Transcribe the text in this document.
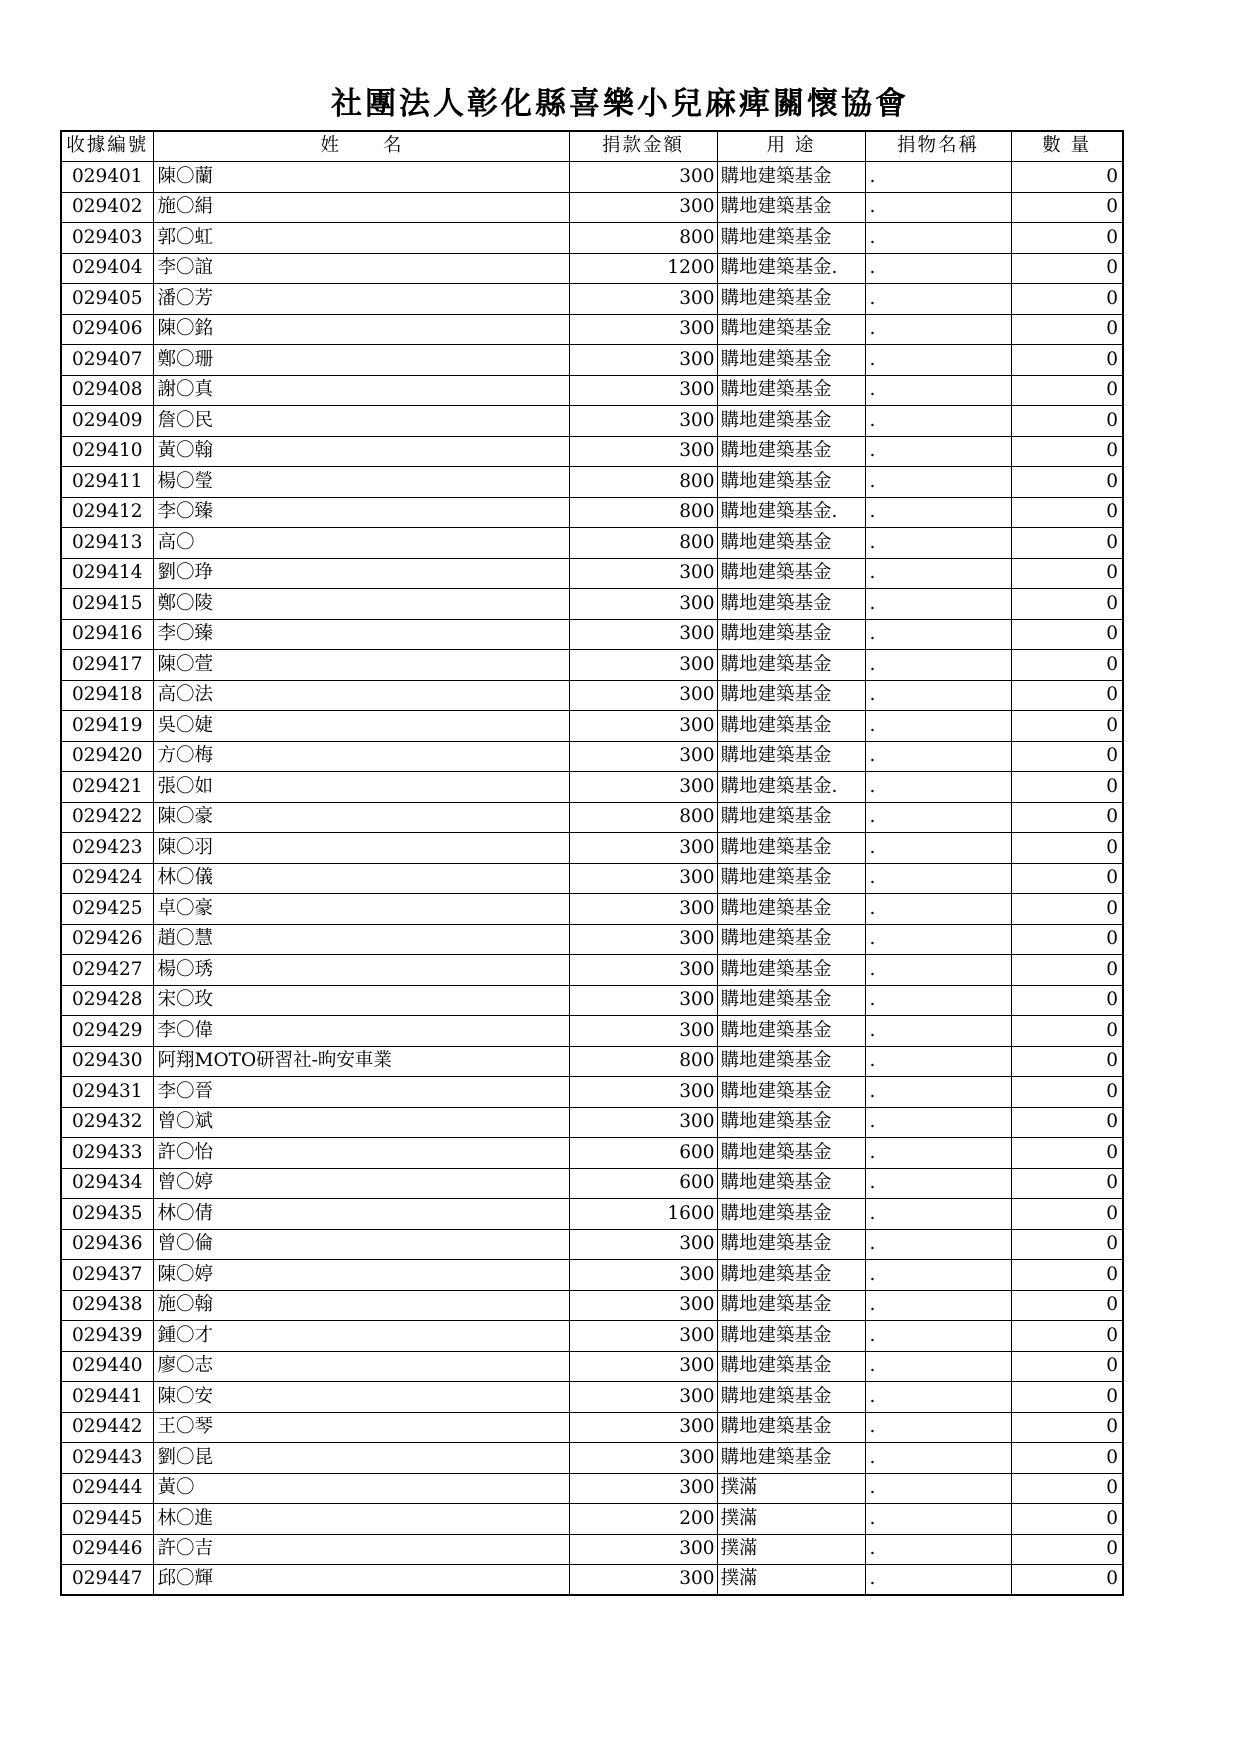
社團法人彰化縣喜樂小兒麻痺關懷協會
收據編號	姓 名	捐款金額	用 途	捐物名稱	數 量
029401	陳〇蘭	300	購地建築基金	.	0
029402	施〇絹	300	購地建築基金	.	0
029403	郭〇虹	800	購地建築基金	.	0
029404	李〇誼	1200	購地建築基金.	.	0
029405	潘〇芳	300	購地建築基金	.	0
029406	陳〇銘	300	購地建築基金	.	0
029407	鄭〇珊	300	購地建築基金	.	0
029408	謝〇真	300	購地建築基金	.	0
029409	詹〇民	300	購地建築基金	.	0
029410	黃〇翰	300	購地建築基金	.	0
029411	楊〇瑩	800	購地建築基金	.	0
029412	李〇臻	800	購地建築基金.	.	0
029413	高〇	800	購地建築基金	.	0
029414	劉〇琤	300	購地建築基金	.	0
029415	鄭〇陵	300	購地建築基金	.	0
029416	李〇臻	300	購地建築基金	.	0
029417	陳〇萱	300	購地建築基金	.	0
029418	高〇法	300	購地建築基金	.	0
029419	吳〇婕	300	購地建築基金	.	0
029420	方〇梅	300	購地建築基金	.	0
029421	張〇如	300	購地建築基金.	.	0
029422	陳〇豪	800	購地建築基金	.	0
029423	陳〇羽	300	購地建築基金	.	0
029424	林〇儀	300	購地建築基金	.	0
029425	卓〇豪	300	購地建築基金	.	0
029426	趙〇慧	300	購地建築基金	.	0
029427	楊〇琇	300	購地建築基金	.	0
029428	宋〇玫	300	購地建築基金	.	0
029429	李〇偉	300	購地建築基金	.	0
029430	阿翔MOTO研習社-昫安車業	800	購地建築基金	.	0
029431	李〇晉	300	購地建築基金	.	0
029432	曾〇斌	300	購地建築基金	.	0
029433	許〇怡	600	購地建築基金	.	0
029434	曾〇婷	600	購地建築基金	.	0
029435	林〇倩	1600	購地建築基金	.	0
029436	曾〇倫	300	購地建築基金	.	0
029437	陳〇婷	300	購地建築基金	.	0
029438	施〇翰	300	購地建築基金	.	0
029439	鍾〇才	300	購地建築基金	.	0
029440	廖〇志	300	購地建築基金	.	0
029441	陳〇安	300	購地建築基金	.	0
029442	王〇琴	300	購地建築基金	.	0
029443	劉〇昆	300	購地建築基金	.	0
029444	黃〇	300	撲滿	.	0
029445	林〇進	200	撲滿	.	0
029446	許〇吉	300	撲滿	.	0
029447	邱〇輝	300	撲滿	.	0
